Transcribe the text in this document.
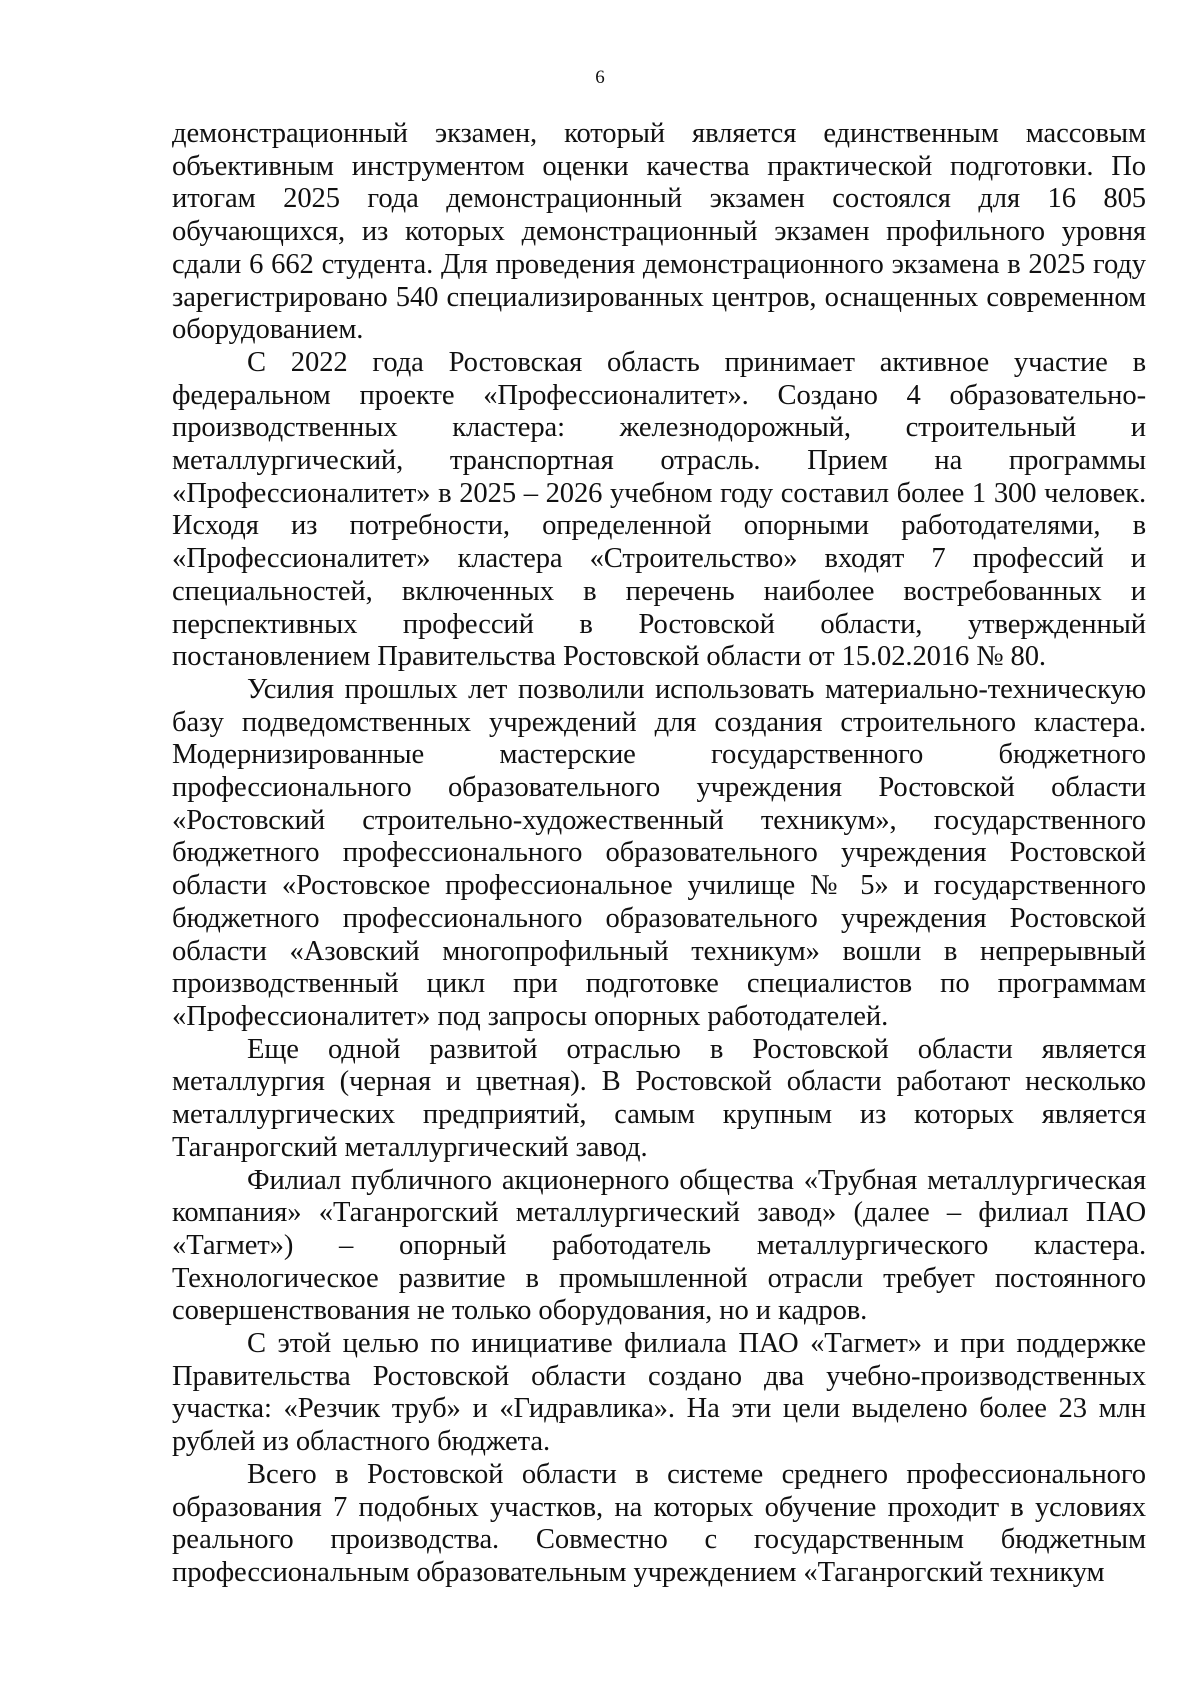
6

демонстрационный экзамен, который является единственным массовым объективным инструментом оценки качества практической подготовки. По итогам 2025 года демонстрационный экзамен состоялся для 16 805 обучающихся, из которых демонстрационный экзамен профильного уровня сдали 6 662 студента. Для проведения демонстрационного экзамена в 2025 году зарегистрировано 540 специализированных центров, оснащенных современном оборудованием.

С 2022 года Ростовская область принимает активное участие в федеральном проекте «Профессионалитет». Создано 4 образовательно-производственных кластера: железнодорожный, строительный и металлургический, транспортная отрасль. Прием на программы «Профессионалитет» в 2025 – 2026 учебном году составил более 1 300 человек. Исходя из потребности, определенной опорными работодателями, в «Профессионалитет» кластера «Строительство» входят 7 профессий и специальностей, включенных в перечень наиболее востребованных и перспективных профессий в Ростовской области, утвержденный постановлением Правительства Ростовской области от 15.02.2016 № 80.

Усилия прошлых лет позволили использовать материально-техническую базу подведомственных учреждений для создания строительного кластера. Модернизированные мастерские государственного бюджетного профессионального образовательного учреждения Ростовской области «Ростовский строительно-художественный техникум», государственного бюджетного профессионального образовательного учреждения Ростовской области «Ростовское профессиональное училище № 5» и государственного бюджетного профессионального образовательного учреждения Ростовской области «Азовский многопрофильный техникум» вошли в непрерывный производственный цикл при подготовке специалистов по программам «Профессионалитет» под запросы опорных работодателей.

Еще одной развитой отраслью в Ростовской области является металлургия (черная и цветная). В Ростовской области работают несколько металлургических предприятий, самым крупным из которых является Таганрогский металлургический завод.

Филиал публичного акционерного общества «Трубная металлургическая компания» «Таганрогский металлургический завод» (далее – филиал ПАО «Тагмет») – опорный работодатель металлургического кластера. Технологическое развитие в промышленной отрасли требует постоянного совершенствования не только оборудования, но и кадров.

С этой целью по инициативе филиала ПАО «Тагмет» и при поддержке Правительства Ростовской области создано два учебно-производственных участка: «Резчик труб» и «Гидравлика». На эти цели выделено более 23 млн рублей из областного бюджета.

Всего в Ростовской области в системе среднего профессионального образования 7 подобных участков, на которых обучение проходит в условиях реального производства. Совместно с государственным бюджетным профессиональным образовательным учреждением «Таганрогский техникум
